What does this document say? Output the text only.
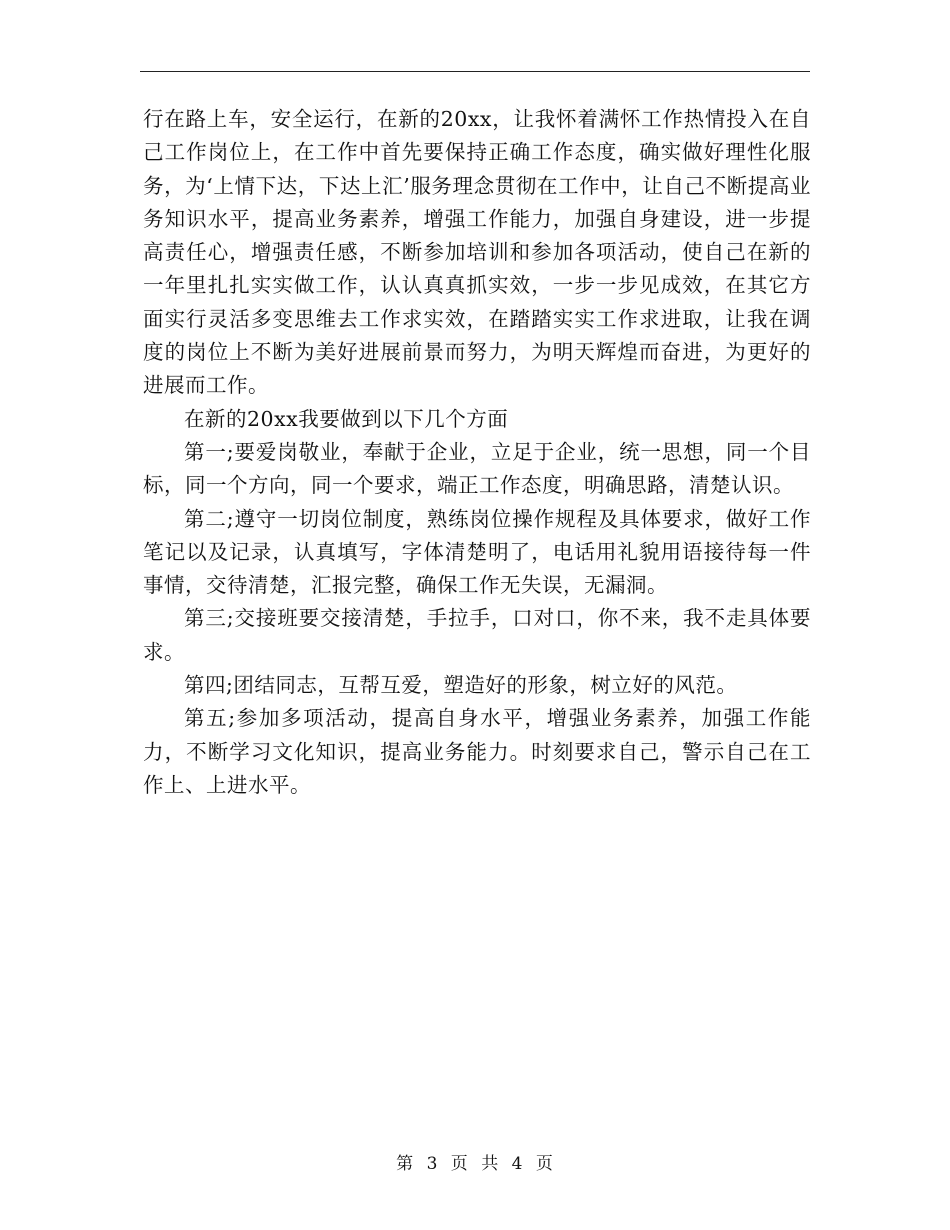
行在路上车，安全运行，在新的20xx，让我怀着满怀工作热情投入在自己工作岗位上，在工作中首先要保持正确工作态度，确实做好理性化服务，为‘上情下达，下达上汇’服务理念贯彻在工作中，让自己不断提高业务知识水平，提高业务素养，增强工作能力，加强自身建设，进一步提高责任心，增强责任感，不断参加培训和参加各项活动，使自己在新的一年里扎扎实实做工作，认认真真抓实效，一步一步见成效，在其它方面实行灵活多变思维去工作求实效，在踏踏实实工作求进取，让我在调度的岗位上不断为美好进展前景而努力，为明天辉煌而奋进，为更好的进展而工作。

在新的20xx我要做到以下几个方面

第一;要爱岗敬业，奉献于企业，立足于企业，统一思想，同一个目标，同一个方向，同一个要求，端正工作态度，明确思路，清楚认识。

第二;遵守一切岗位制度，熟练岗位操作规程及具体要求，做好工作笔记以及记录，认真填写，字体清楚明了，电话用礼貌用语接待每一件事情，交待清楚，汇报完整，确保工作无失误，无漏洞。

第三;交接班要交接清楚，手拉手，口对口，你不来，我不走具体要求。

第四;团结同志，互帮互爱，塑造好的形象，树立好的风范。

第五;参加多项活动，提高自身水平，增强业务素养，加强工作能力，不断学习文化知识，提高业务能力。时刻要求自己，警示自己在工作上、上进水平。

第 3 页 共 4 页
